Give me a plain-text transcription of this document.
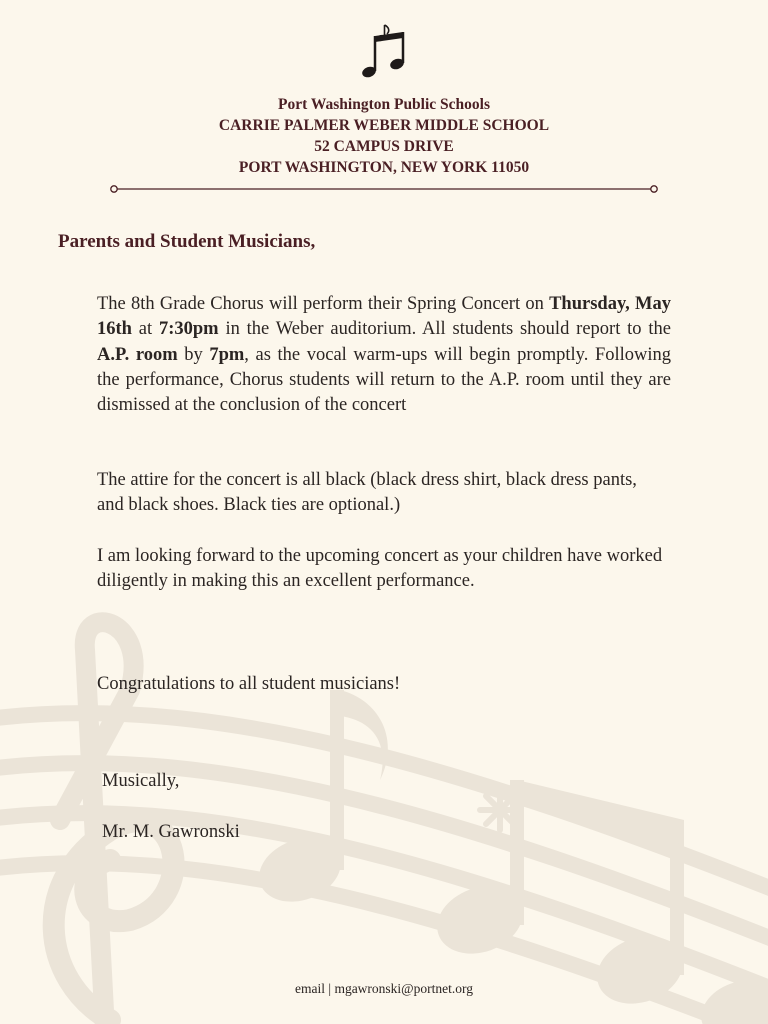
Port Washington Public Schools
CARRIE PALMER WEBER MIDDLE SCHOOL
52 CAMPUS DRIVE
PORT WASHINGTON, NEW YORK 11050
Parents and Student Musicians,
The 8th Grade Chorus will perform their Spring Concert on Thursday, May 16th at 7:30pm in the Weber auditorium. All students should report to the A.P. room by 7pm, as the vocal warm-ups will begin promptly. Following the performance, Chorus students will return to the A.P. room until they are dismissed at the conclusion of the concert
The attire for the concert is all black (black dress shirt, black dress pants, and black shoes. Black ties are optional.)
I am looking forward to the upcoming concert as your children have worked diligently in making this an excellent performance.
Congratulations to all student musicians!
Musically,
Mr. M. Gawronski
email | mgawronski@portnet.org
